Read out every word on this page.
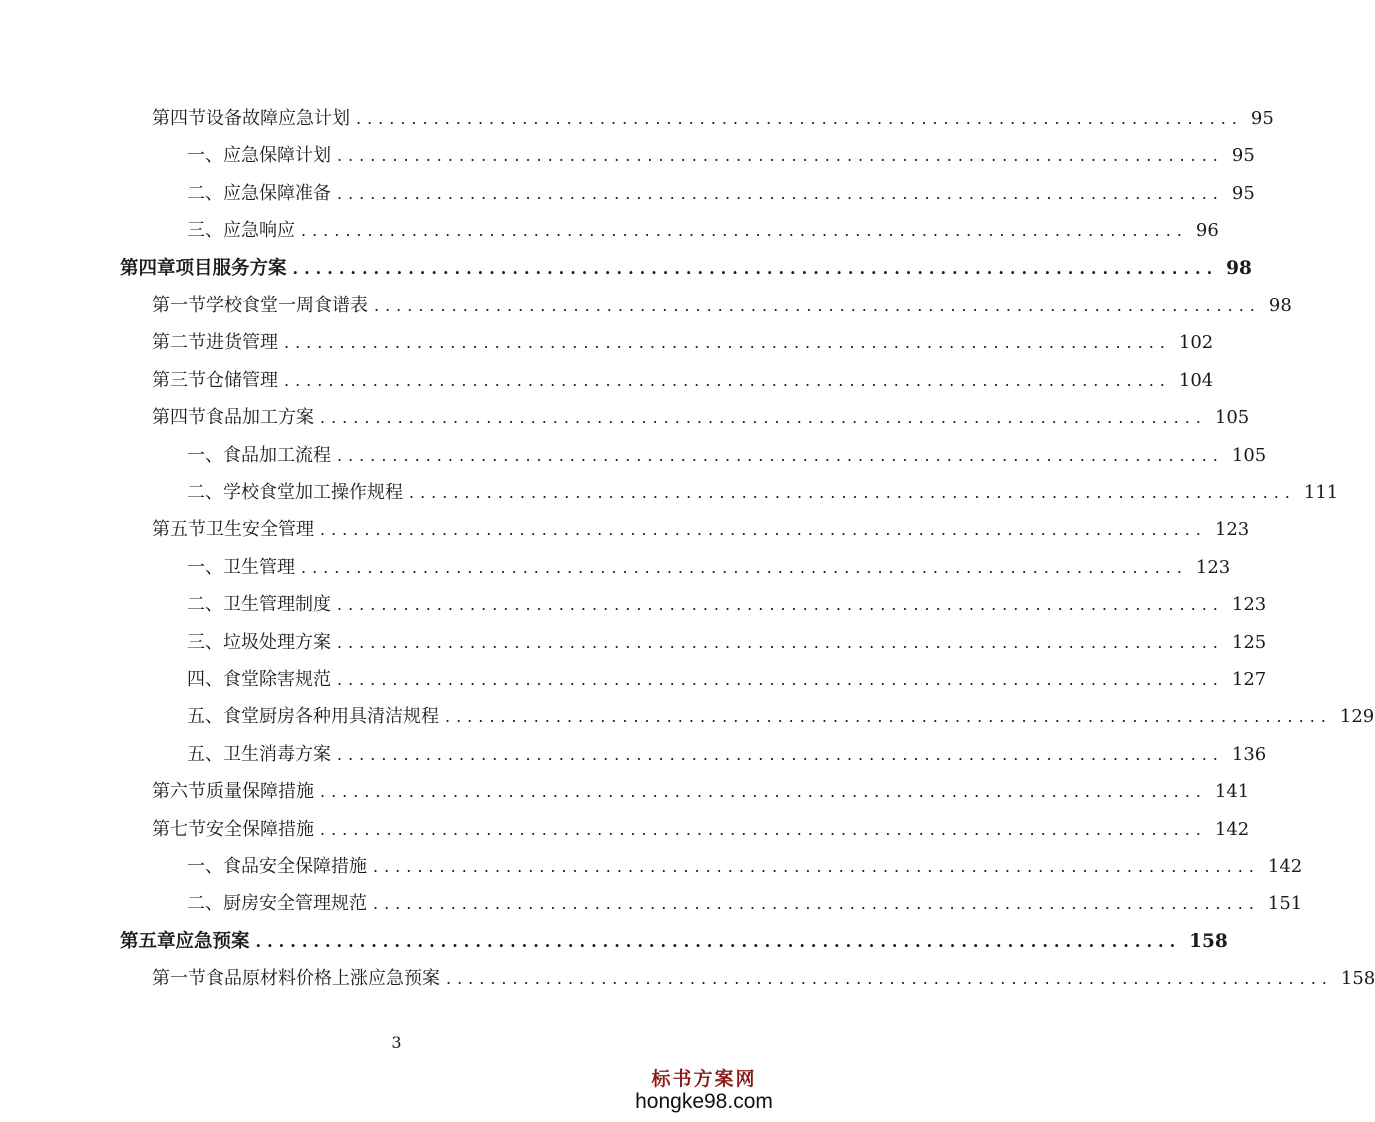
第四节 设备故障应急计划 ................................................................................ 95
一、 应急保障计划 ................................................................................ 95
二、 应急保障准备 ................................................................................ 95
三、 应急响应 ................................................................................ 96
第四章 项目服务方案 ................................................................................ 98
第一节 学校食堂一周食谱表 ................................................................................ 98
第二节 进货管理 ................................................................................ 102
第三节 仓储管理 ................................................................................ 104
第四节 食品加工方案 ................................................................................ 105
一、 食品加工流程 ................................................................................ 105
二、 学校食堂加工操作规程 ................................................................................ 111
第五节 卫生安全管理 ................................................................................ 123
一、 卫生管理 ................................................................................ 123
二、 卫生管理制度 ................................................................................ 123
三、 垃圾处理方案 ................................................................................ 125
四、 食堂除害规范 ................................................................................ 127
五、 食堂厨房各种用具清洁规程 ................................................................................ 129
五、 卫生消毒方案 ................................................................................ 136
第六节 质量保障措施 ................................................................................ 141
第七节 安全保障措施 ................................................................................ 142
一、 食品安全保障措施 ................................................................................ 142
二、 厨房安全管理规范 ................................................................................ 151
第五章 应急预案 ................................................................................ 158
第一节 食品原材料价格上涨应急预案 ................................................................................ 158
3
标书方案网
hongke98.com
